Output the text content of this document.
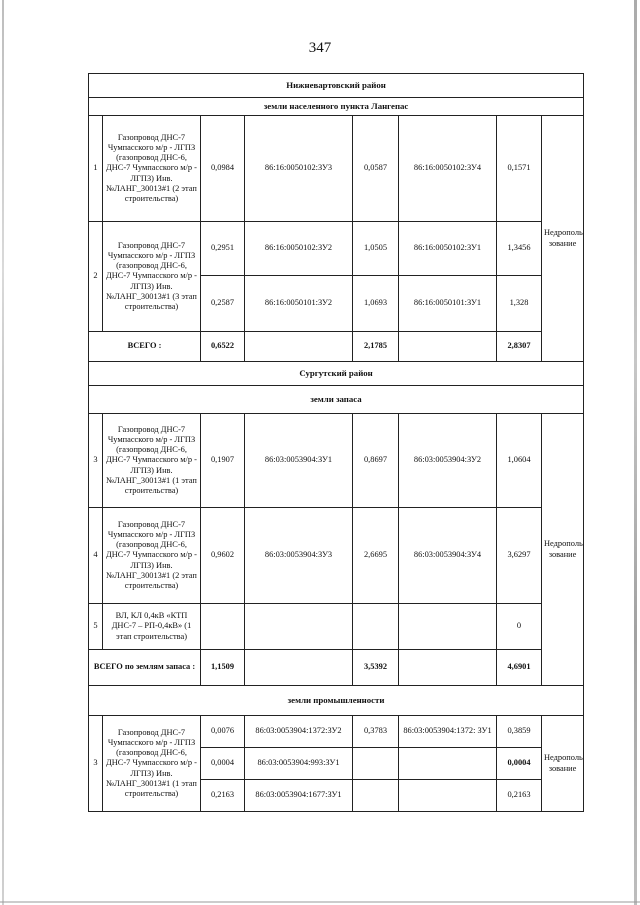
347
Нижневартовский район							
земли населенного пункта Лангепас							
1	Газопровод ДНС-7 Чумпасского м/р - ЛГПЗ (газопровод ДНС-6, ДНС-7 Чумпасского м/р - ЛГПЗ) Инв. №ЛАНГ_30013#1 (2 этап строительства)	0,0984	86:16:0050102:ЗУ3	0,0587	86:16:0050102:ЗУ4	0,1571	Недрополь зование
2	Газопровод ДНС-7 Чумпасского м/р - ЛГПЗ (газопровод ДНС-6, ДНС-7 Чумпасского м/р - ЛГПЗ) Инв. №ЛАНГ_30013#1 (3 этап строительства)	0,2951	86:16:0050102:ЗУ2	1,0505	86:16:0050102:ЗУ1	1,3456	
		0,2587	86:16:0050101:ЗУ2	1,0693	86:16:0050101:ЗУ1	1,328	
ВСЕГО :		0,6522		2,1785		2,8307	
Сургутский район							
земли запаса							
3	Газопровод ДНС-7 Чумпасского м/р - ЛГПЗ (газопровод ДНС-6, ДНС-7 Чумпасского м/р - ЛГПЗ) Инв. №ЛАНГ_30013#1 (1 этап строительства)	0,1907	86:03:0053904:ЗУ1	0,8697	86:03:0053904:ЗУ2	1,0604	Недрополь зование
4	Газопровод ДНС-7 Чумпасского м/р - ЛГПЗ (газопровод ДНС-6, ДНС-7 Чумпасского м/р - ЛГПЗ) Инв. №ЛАНГ_30013#1 (2 этап строительства)	0,9602	86:03:0053904:ЗУ3	2,6695	86:03:0053904:ЗУ4	3,6297	
5	ВЛ, КЛ 0,4кВ «КТП ДНС-7 – РП-0,4кВ» (1 этап строительства)					0	
ВСЕГО по землям запаса :		1,1509		3,5392		4,6901	
земли промышленности							
3	Газопровод ДНС-7 Чумпасского м/р - ЛГПЗ (газопровод ДНС-6, ДНС-7 Чумпасского м/р - ЛГПЗ) Инв. №ЛАНГ_30013#1 (1 этап строительства)	0,0076	86:03:0053904:1372:ЗУ2	0,3783	86:03:0053904:1372: ЗУ1	0,3859	Недрополь зование
		0,0004	86:03:0053904:993:ЗУ1			0,0004	
		0,2163	86:03:0053904:1677:ЗУ1			0,2163	
